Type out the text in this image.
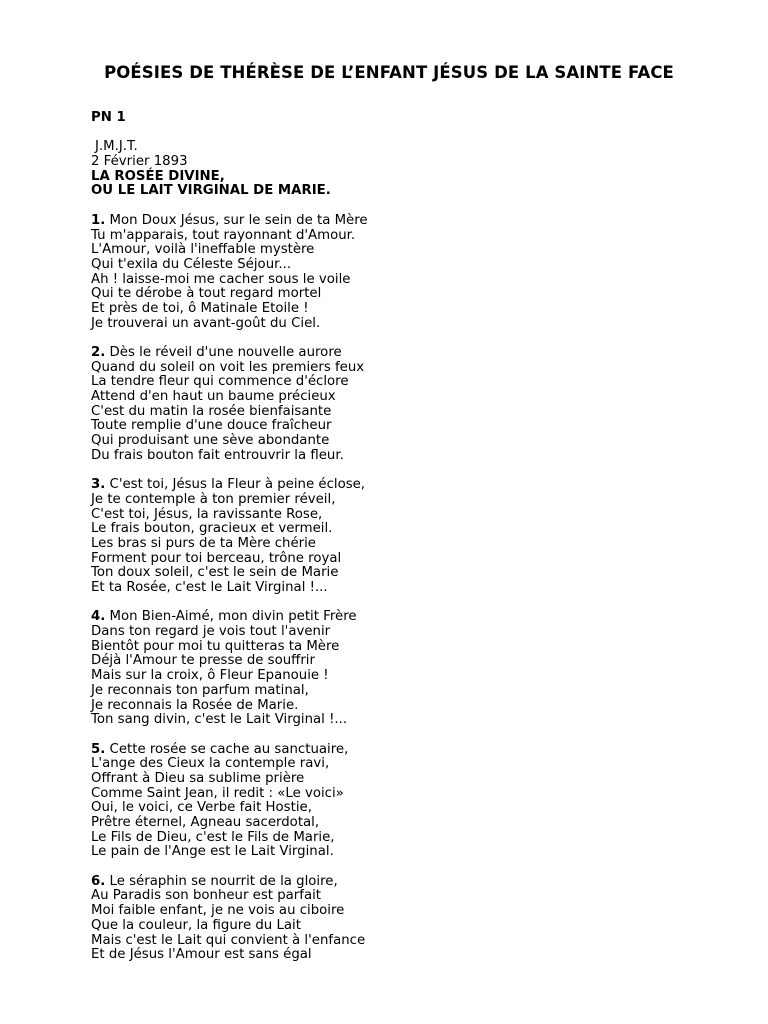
POÉSIES DE THÉRÈSE DE L’ENFANT JÉSUS DE LA SAINTE FACE
PN 1
J.M.J.T.
2 Février 1893
LA ROSÉE DIVINE,
OU LE LAIT VIRGINAL DE MARIE.
1. Mon Doux Jésus, sur le sein de ta Mère
Tu m'apparais, tout rayonnant d'Amour.
L'Amour, voilà l'ineffable mystère
Qui t'exila du Céleste Séjour...
Ah ! laisse-moi me cacher sous le voile
Qui te dérobe à tout regard mortel
Et près de toi, ô Matinale Etoile !
Je trouverai un avant-goût du Ciel.
2. Dès le réveil d'une nouvelle aurore
Quand du soleil on voit les premiers feux
La tendre fleur qui commence d'éclore
Attend d'en haut un baume précieux
C'est du matin la rosée bienfaisante
Toute remplie d'une douce fraîcheur
Qui produisant une sève abondante
Du frais bouton fait entrouvrir la fleur.
3. C'est toi, Jésus la Fleur à peine éclose,
Je te contemple à ton premier réveil,
C'est toi, Jésus, la ravissante Rose,
Le frais bouton, gracieux et vermeil.
Les bras si purs de ta Mère chérie
Forment pour toi berceau, trône royal
Ton doux soleil, c'est le sein de Marie
Et ta Rosée, c'est le Lait Virginal !...
4. Mon Bien-Aimé, mon divin petit Frère
Dans ton regard je vois tout l'avenir
Bientôt pour moi tu quitteras ta Mère
Déjà l'Amour te presse de souffrir
Mais sur la croix, ô Fleur Epanouie !
Je reconnais ton parfum matinal,
Je reconnais la Rosée de Marie.
Ton sang divin, c'est le Lait Virginal !...
5. Cette rosée se cache au sanctuaire,
L'ange des Cieux la contemple ravi,
Offrant à Dieu sa sublime prière
Comme Saint Jean, il redit : «Le voici»
Oui, le voici, ce Verbe fait Hostie,
Prêtre éternel, Agneau sacerdotal,
Le Fils de Dieu, c'est le Fils de Marie,
Le pain de l'Ange est le Lait Virginal.
6. Le séraphin se nourrit de la gloire,
Au Paradis son bonheur est parfait
Moi faible enfant, je ne vois au ciboire
Que la couleur, la figure du Lait
Mais c'est le Lait qui convient à l'enfance
Et de Jésus l'Amour est sans égal
